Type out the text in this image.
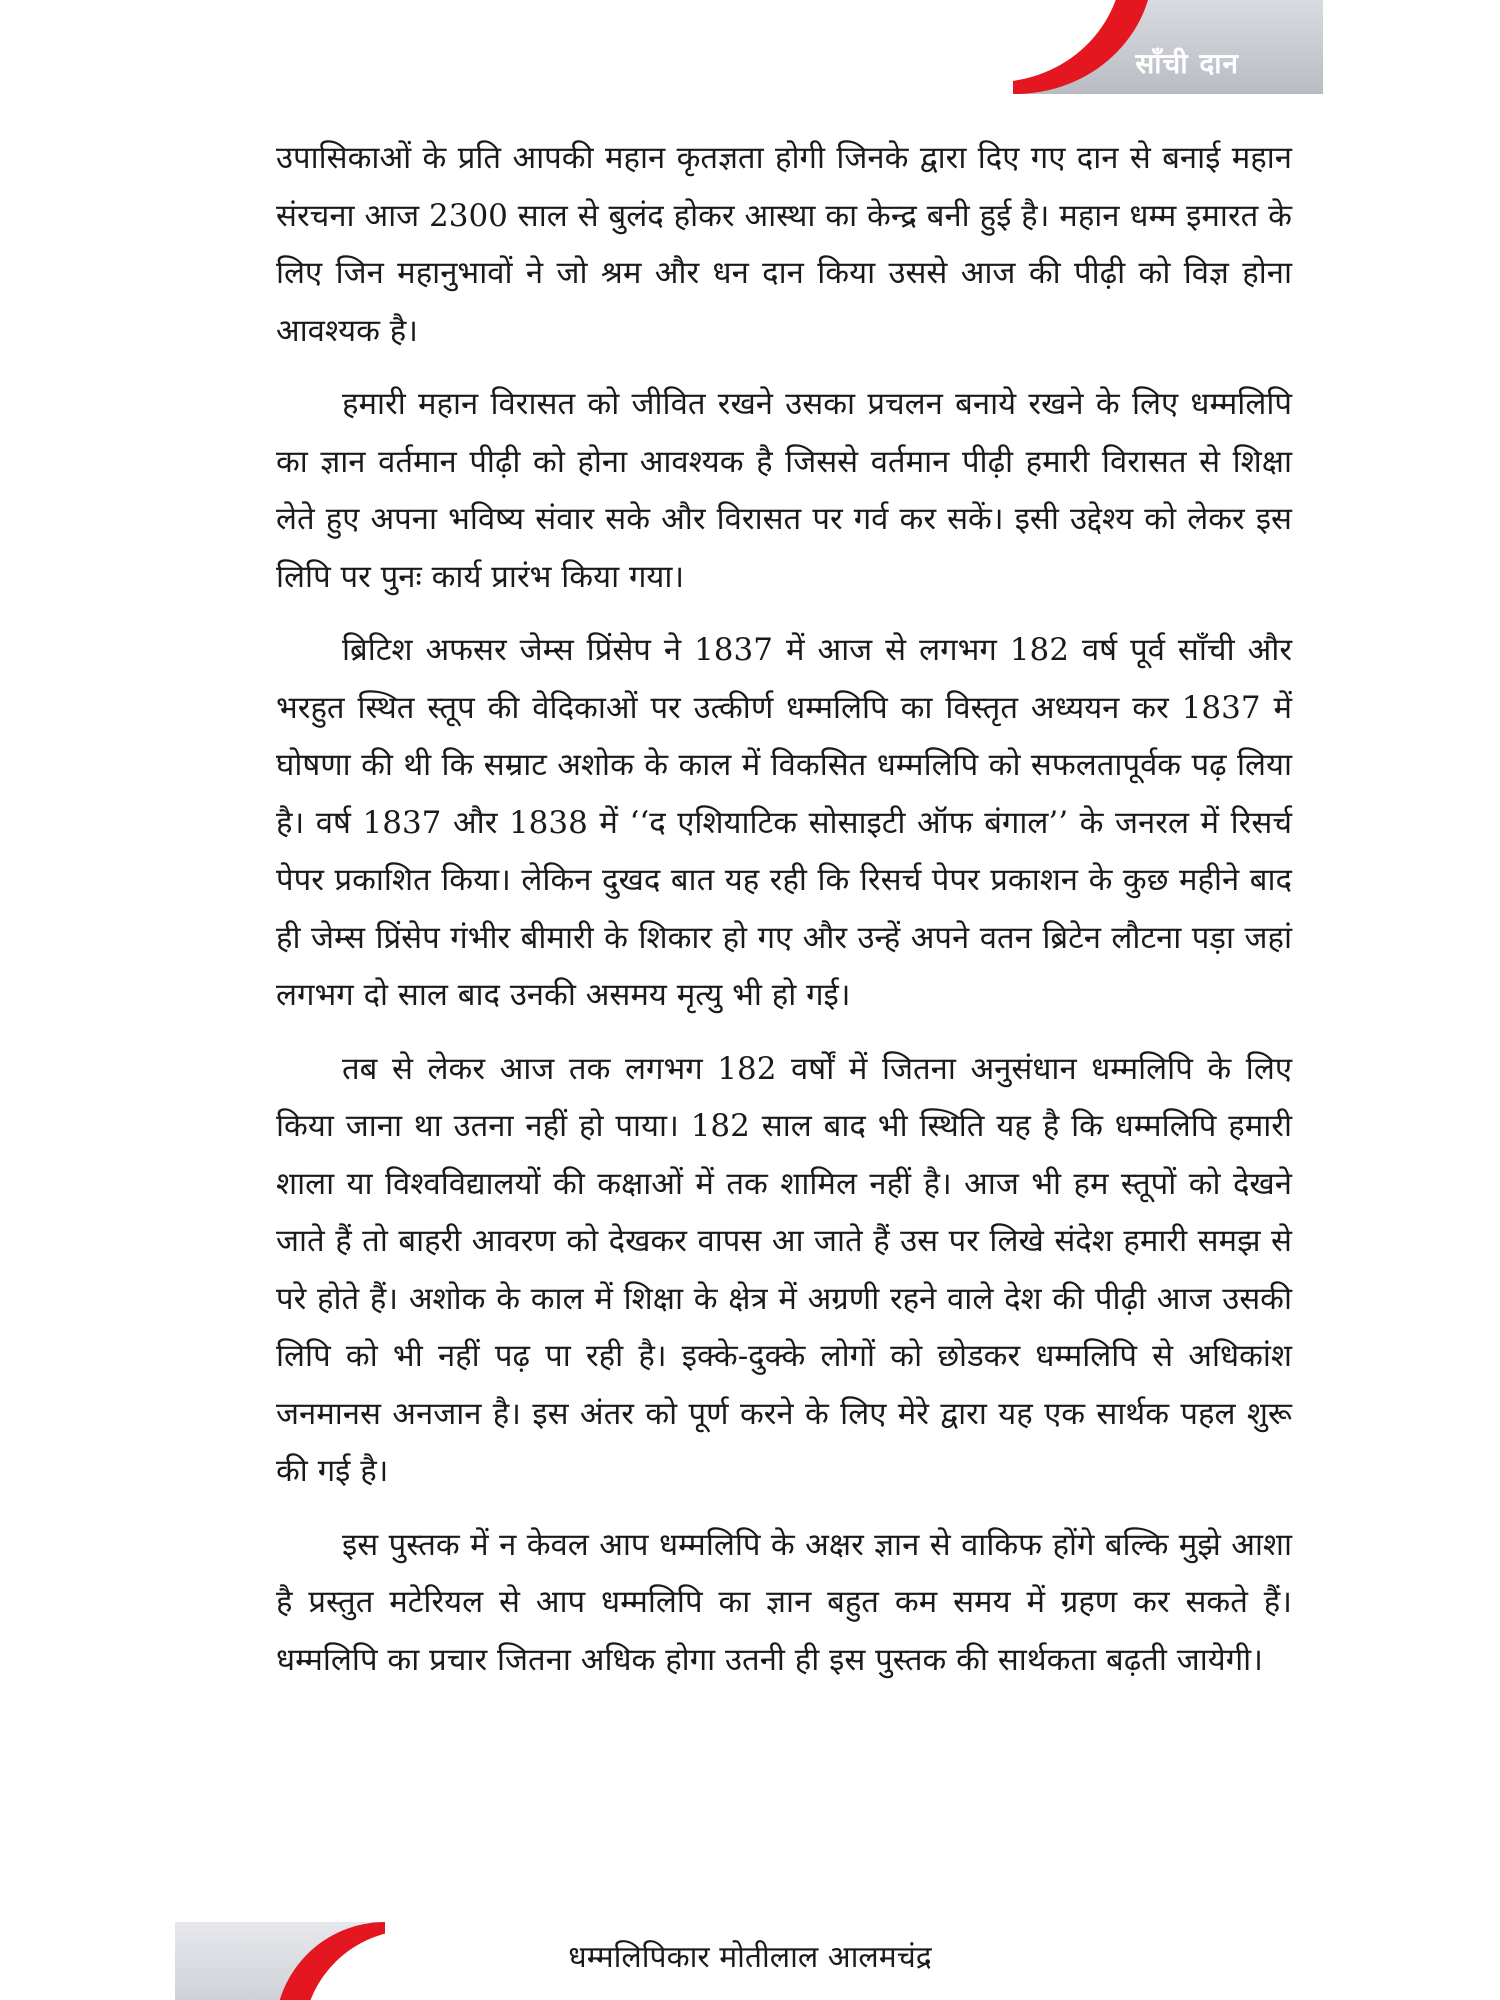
साँची दान

उपासिकाओं के प्रति आपकी महान कृतज्ञता होगी जिनके द्वारा दिए गए दान से बनाई महान संरचना आज 2300 साल से बुलंद होकर आस्था का केन्द्र बनी हुई है। महान धम्म इमारत के लिए जिन महानुभावों ने जो श्रम और धन दान किया उससे आज की पीढ़ी को विज्ञ होना आवश्यक है।

हमारी महान विरासत को जीवित रखने उसका प्रचलन बनाये रखने के लिए धम्मलिपि का ज्ञान वर्तमान पीढ़ी को होना आवश्यक है जिससे वर्तमान पीढ़ी हमारी विरासत से शिक्षा लेते हुए अपना भविष्य संवार सके और विरासत पर गर्व कर सकें। इसी उद्देश्य को लेकर इस लिपि पर पुनः कार्य प्रारंभ किया गया।

ब्रिटिश अफसर जेम्स प्रिंसेप ने 1837 में आज से लगभग 182 वर्ष पूर्व साँची और भरहुत स्थित स्तूप की वेदिकाओं पर उत्कीर्ण धम्मलिपि का विस्तृत अध्ययन कर 1837 में घोषणा की थी कि सम्राट अशोक के काल में विकसित धम्मलिपि को सफलतापूर्वक पढ़ लिया है। वर्ष 1837 और 1838 में ‘‘द एशियाटिक सोसाइटी ऑफ बंगाल’’ के जनरल में रिसर्च पेपर प्रकाशित किया। लेकिन दुखद बात यह रही कि रिसर्च पेपर प्रकाशन के कुछ महीने बाद ही जेम्स प्रिंसेप गंभीर बीमारी के शिकार हो गए और उन्हें अपने वतन ब्रिटेन लौटना पड़ा जहां लगभग दो साल बाद उनकी असमय मृत्यु भी हो गई।

तब से लेकर आज तक लगभग 182 वर्षों में जितना अनुसंधान धम्मलिपि के लिए किया जाना था उतना नहीं हो पाया। 182 साल बाद भी स्थिति यह है कि धम्मलिपि हमारी शाला या विश्वविद्यालयों की कक्षाओं में तक शामिल नहीं है। आज भी हम स्तूपों को देखने जाते हैं तो बाहरी आवरण को देखकर वापस आ जाते हैं उस पर लिखे संदेश हमारी समझ से परे होते हैं। अशोक के काल में शिक्षा के क्षेत्र में अग्रणी रहने वाले देश की पीढ़ी आज उसकी लिपि को भी नहीं पढ़ पा रही है। इक्के-दुक्के लोगों को छोडकर धम्मलिपि से अधिकांश जनमानस अनजान है। इस अंतर को पूर्ण करने के लिए मेरे द्वारा यह एक सार्थक पहल शुरू की गई है।

इस पुस्तक में न केवल आप धम्मलिपि के अक्षर ज्ञान से वाकिफ होंगे बल्कि मुझे आशा है प्रस्तुत मटेरियल से आप धम्मलिपि का ज्ञान बहुत कम समय में ग्रहण कर सकते हैं। धम्मलिपि का प्रचार जितना अधिक होगा उतनी ही इस पुस्तक की सार्थकता बढ़ती जायेगी।

धम्मलिपिकार मोतीलाल आलमचंद्र
